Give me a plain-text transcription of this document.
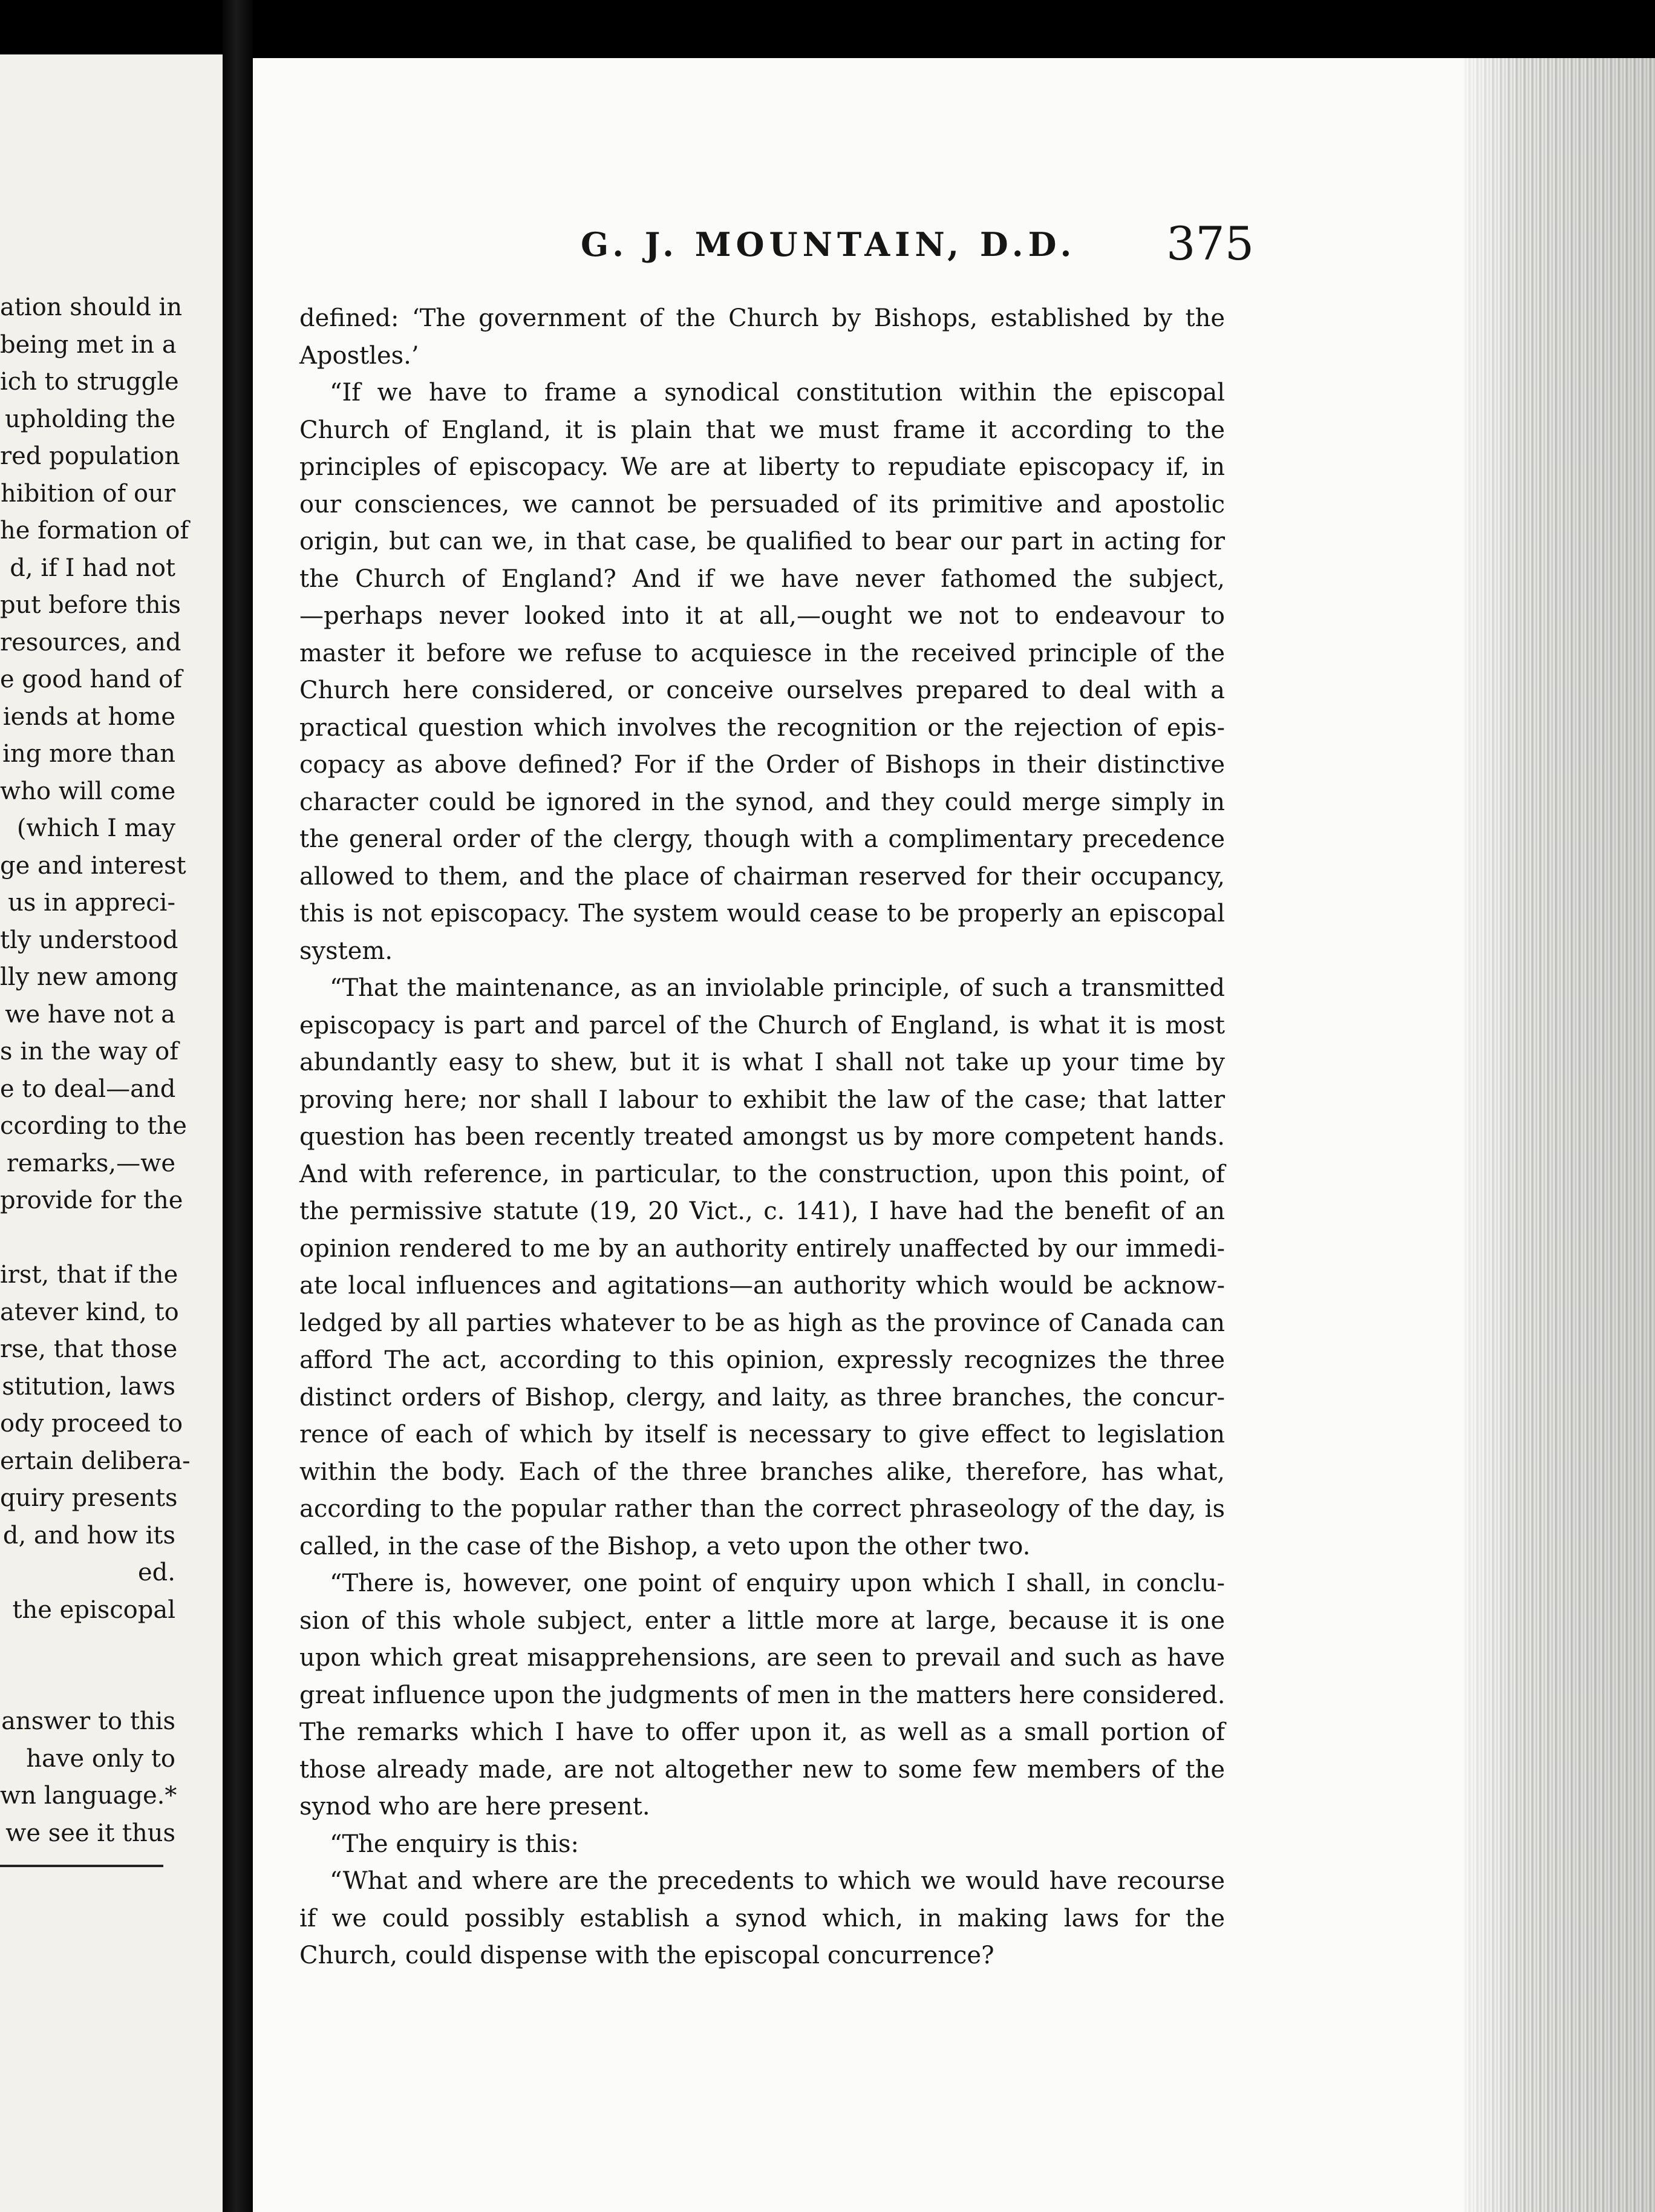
ation should in
being met in a
ich to struggle
upholding the
red population
hibition of our
he formation of
d, if I had not
put before this
resources, and
e good hand of
iends at home
ing more than
who will come
(which I may
ge and interest
us in appreci-
tly understood
lly new among
we have not a
s in the way of
e to deal—and
ccording to the
remarks,—we
provide for the
irst, that if the
atever kind, to
rse, that those
stitution, laws
ody proceed to
ertain delibera-
quiry presents
d, and how its
ed.
the episcopal
answer to this
have only to
wn language.*
we see it thus
G. J. MOUNTAIN, D.D. 375
defined: ‘The government of the Church by Bishops, established by the
Apostles.’
“If we have to frame a synodical constitution within the episcopal
Church of England, it is plain that we must frame it according to the
principles of episcopacy. We are at liberty to repudiate episcopacy if, in
our consciences, we cannot be persuaded of its primitive and apostolic
origin, but can we, in that case, be qualified to bear our part in acting for
the Church of England? And if we have never fathomed the subject,
—perhaps never looked into it at all,—ought we not to endeavour to
master it before we refuse to acquiesce in the received principle of the
Church here considered, or conceive ourselves prepared to deal with a
practical question which involves the recognition or the rejection of epis-
copacy as above defined? For if the Order of Bishops in their distinctive
character could be ignored in the synod, and they could merge simply in
the general order of the clergy, though with a complimentary precedence
allowed to them, and the place of chairman reserved for their occupancy,
this is not episcopacy. The system would cease to be properly an episcopal
system.
“That the maintenance, as an inviolable principle, of such a transmitted
episcopacy is part and parcel of the Church of England, is what it is most
abundantly easy to shew, but it is what I shall not take up your time by
proving here; nor shall I labour to exhibit the law of the case; that latter
question has been recently treated amongst us by more competent hands.
And with reference, in particular, to the construction, upon this point, of
the permissive statute (19, 20 Vict., c. 141), I have had the benefit of an
opinion rendered to me by an authority entirely unaffected by our immedi-
ate local influences and agitations—an authority which would be acknow-
ledged by all parties whatever to be as high as the province of Canada can
afford The act, according to this opinion, expressly recognizes the three
distinct orders of Bishop, clergy, and laity, as three branches, the concur-
rence of each of which by itself is necessary to give effect to legislation
within the body. Each of the three branches alike, therefore, has what,
according to the popular rather than the correct phraseology of the day, is
called, in the case of the Bishop, a veto upon the other two.
“There is, however, one point of enquiry upon which I shall, in conclu-
sion of this whole subject, enter a little more at large, because it is one
upon which great misapprehensions, are seen to prevail and such as have
great influence upon the judgments of men in the matters here considered.
The remarks which I have to offer upon it, as well as a small portion of
those already made, are not altogether new to some few members of the
synod who are here present.
“The enquiry is this:
“What and where are the precedents to which we would have recourse
if we could possibly establish a synod which, in making laws for the
Church, could dispense with the episcopal concurrence?
